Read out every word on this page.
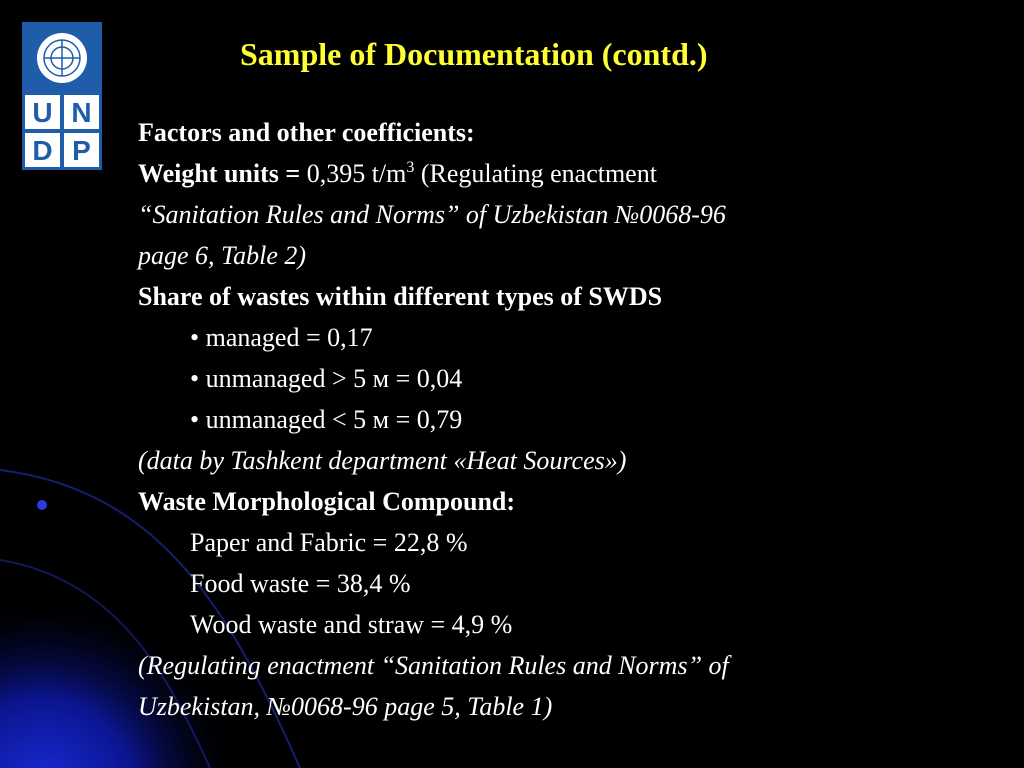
U N
D P
Sample of Documentation (contd.)
Factors and other coefficients:
Weight units = 0,395 $t/m^3$ (Regulating enactment
“Sanitation Rules and Norms” of Uzbekistan №0068-96
page 6, Table 2)
Share of wastes within different types of SWDS
• managed = 0,17
• unmanaged > 5 м = 0,04
• unmanaged < 5 м = 0,79
(data by Tashkent department «Heat Sources»)
Waste Morphological Compound:
Paper and Fabric = 22,8 %
Food waste = 38,4 %
Wood waste and straw = 4,9 %
(Regulating enactment “Sanitation Rules and Norms” of
Uzbekistan, №0068-96 page 5, Table 1)
